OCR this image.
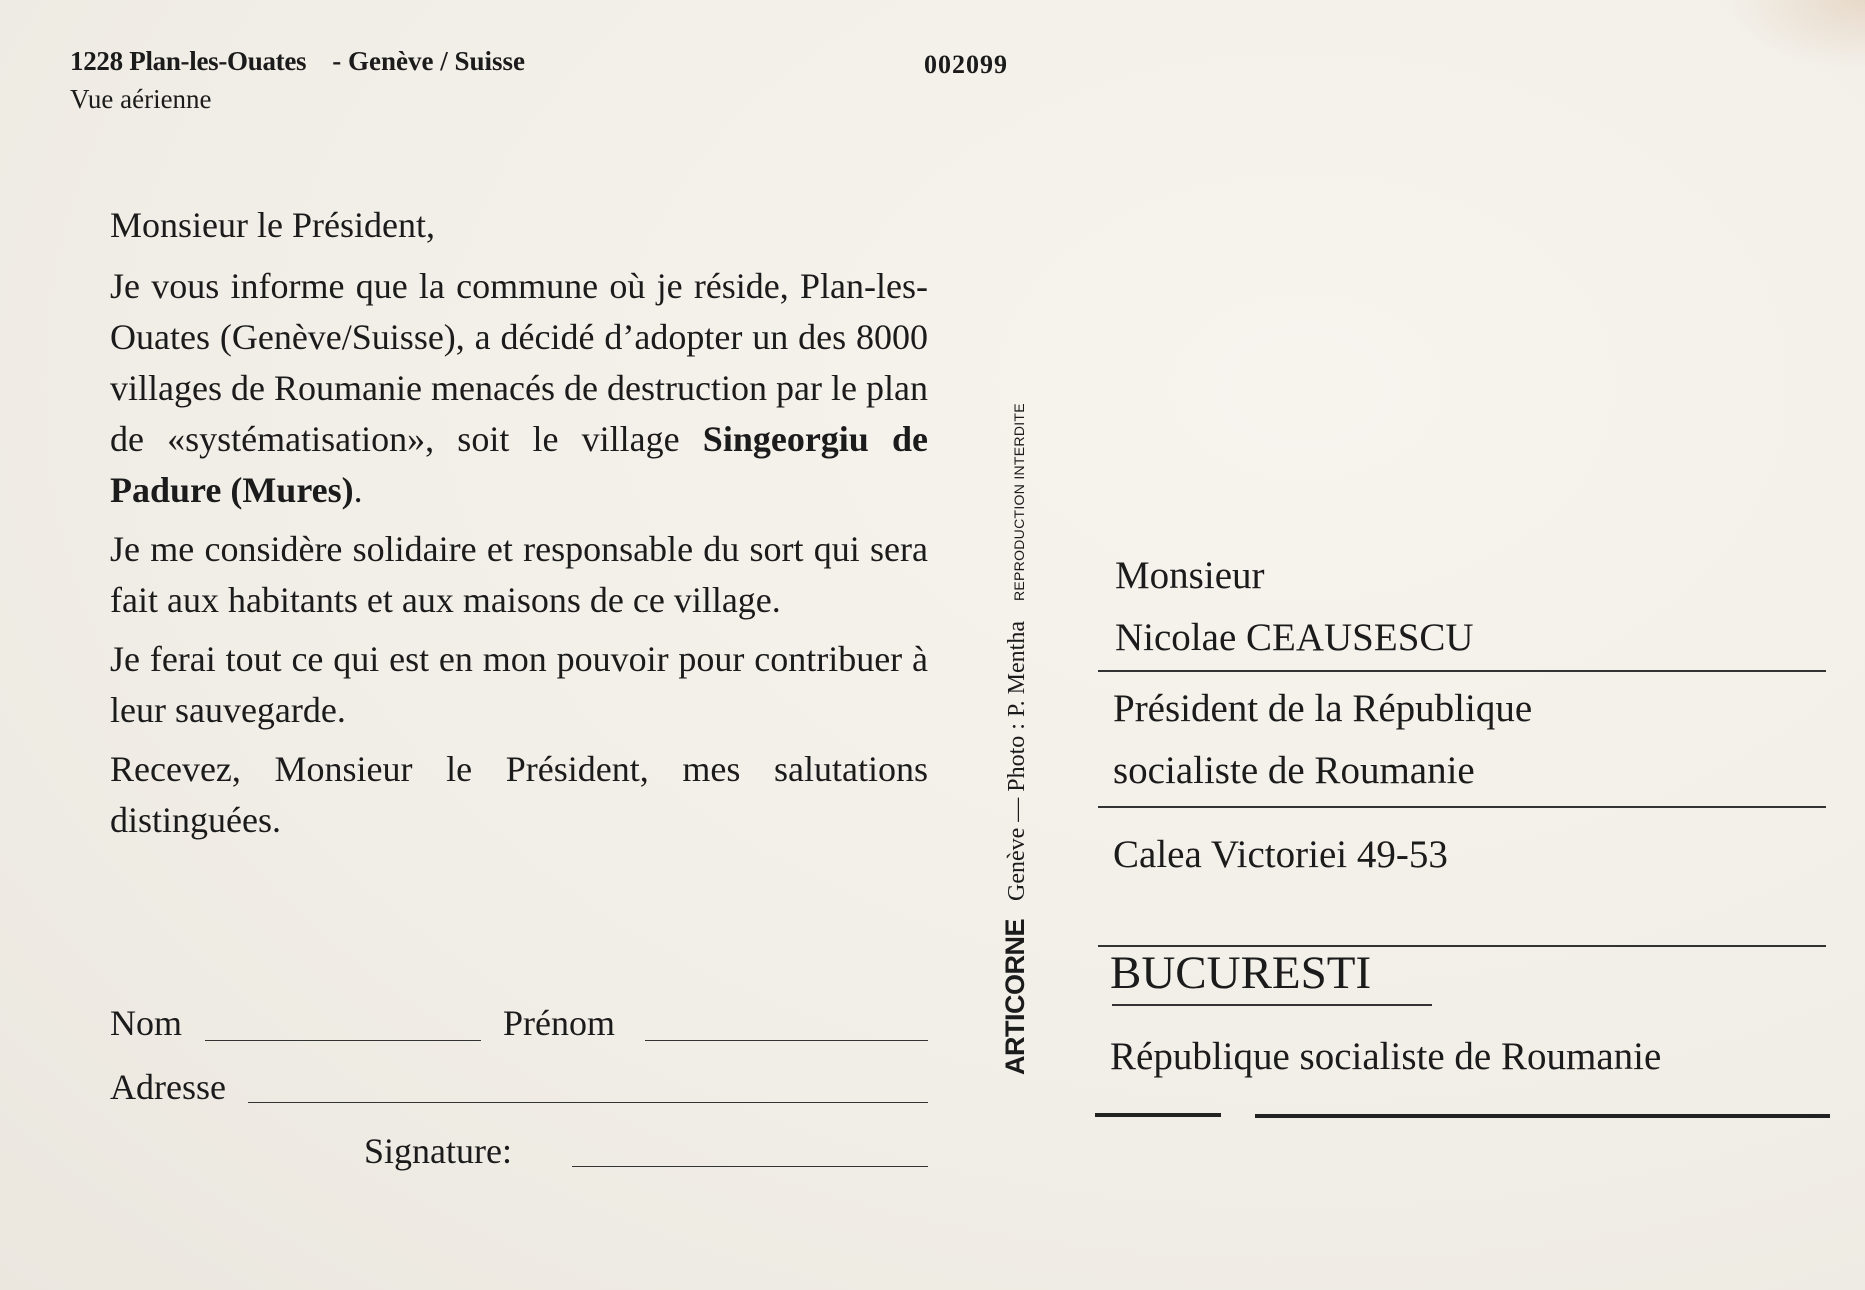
1228 Plan-les-Ouates - Genève / Suisse	002099
Vue aérienne

Monsieur le Président,

Je vous informe que la commune où je réside, Plan-les-Ouates (Genève/Suisse), a décidé d’adopter un des 8000 villages de Roumanie menacés de destruction par le plan de «systématisation», soit le village Singeorgiu de Padure (Mures).

Je me considère solidaire et responsable du sort qui sera fait aux habitants et aux maisons de ce village.

Je ferai tout ce qui est en mon pouvoir pour contribuer à leur sauvegarde.

Recevez, Monsieur le Président, mes salutations distinguées.

Nom	Prénom
Adresse
Signature:
ARTICORNE Genève — Photo : P. Mentha REPRODUCTION INTERDITE Monsieur
Nicolae CEAUSESCU
Président de la République
socialiste de Roumanie
Calea Victoriei 49-53
BUCURESTI
République socialiste de Roumanie
